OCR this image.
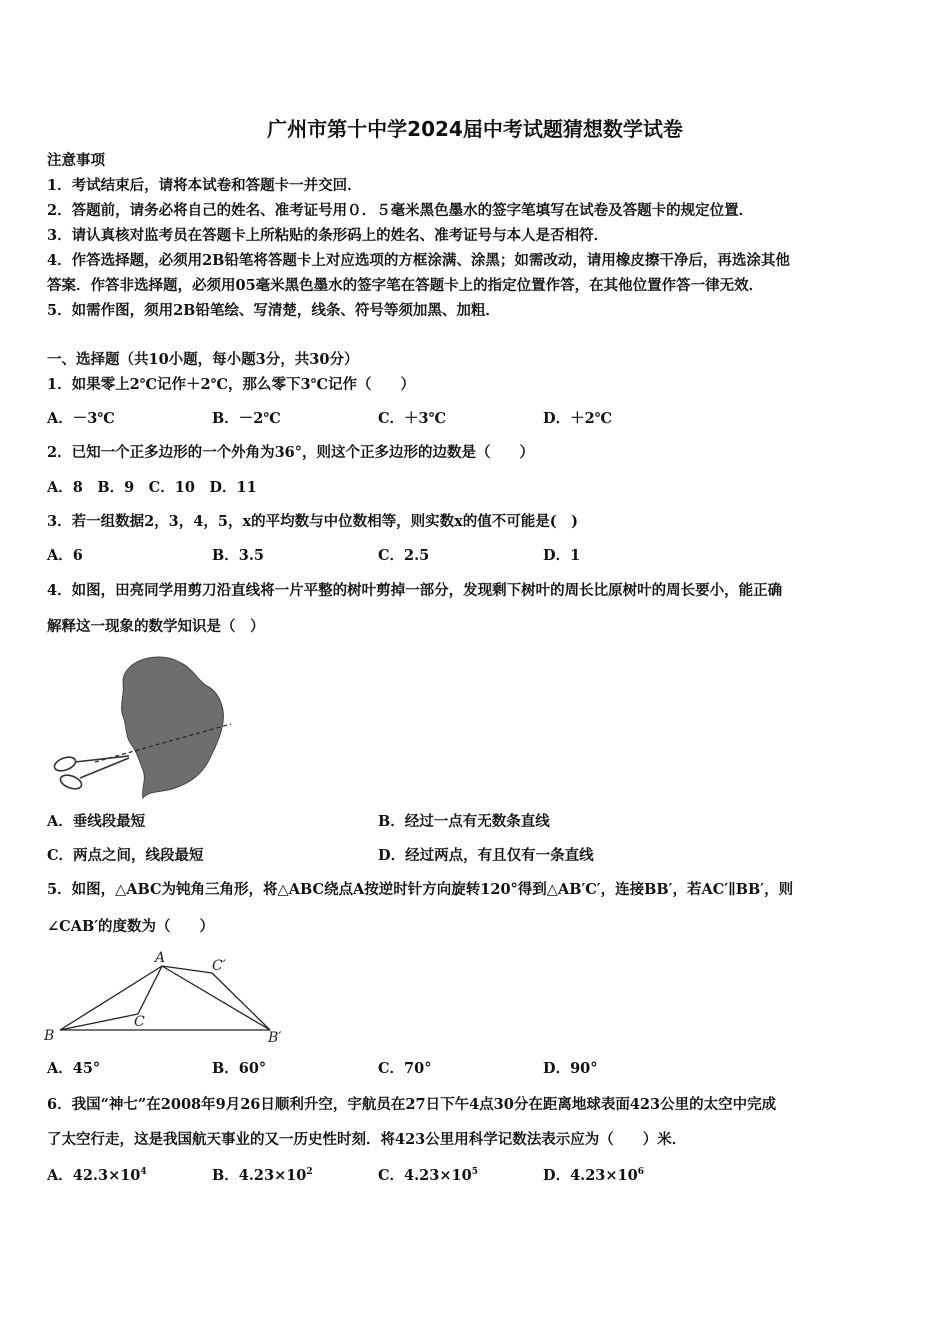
广州市第十中学2024届中考试题猜想数学试卷
注意事项
1．考试结束后，请将本试卷和答题卡一并交回．
2．答题前，请务必将自己的姓名、准考证号用０．５毫米黑色墨水的签字笔填写在试卷及答题卡的规定位置．
3．请认真核对监考员在答题卡上所粘贴的条形码上的姓名、准考证号与本人是否相符．
4．作答选择题，必须用2B铅笔将答题卡上对应选项的方框涂满、涂黑；如需改动，请用橡皮擦干净后，再选涂其他
答案．作答非选择题，必须用05毫米黑色墨水的签字笔在答题卡上的指定位置作答，在其他位置作答一律无效．
5．如需作图，须用2B铅笔绘、写清楚，线条、符号等须加黑、加粗．
一、选择题（共10小题，每小题3分，共30分）
1．如果零上2℃记作＋2℃，那么零下3℃记作（　　）
A．－3℃	B．－2℃	C．＋3℃	D．＋2℃
2．已知一个正多边形的一个外角为36°，则这个正多边形的边数是（　　）
A．8　B．9　C．10　D．11
3．若一组数据2，3，4，5，x的平均数与中位数相等，则实数x的值不可能是(　)
A．6	B．3.5	C．2.5	D．1
4．如图，田亮同学用剪刀沿直线将一片平整的树叶剪掉一部分，发现剩下树叶的周长比原树叶的周长要小，能正确
解释这一现象的数学知识是（　）
A．垂线段最短	B．经过一点有无数条直线
C．两点之间，线段最短	D．经过两点，有且仅有一条直线
5．如图，△ABC为钝角三角形，将△ABC绕点A按逆时针方向旋转120°得到△AB′C′，连接BB′，若AC′∥BB′，则
∠CAB′的度数为（　　）
A	C′
B
C
B′
A．45°	B．60°	C．70°	D．90°
6．我国“神七”在2008年9月26日顺利升空，宇航员在27日下午4点30分在距离地球表面423公里的太空中完成
了太空行走，这是我国航天事业的又一历史性时刻．将423公里用科学记数法表示应为（　　）米．
A．$42.3\times 10^4$	B．$4.23\times 10^2$	C．$4.23\times 10^5$	D．$4.23\times 10^6$
